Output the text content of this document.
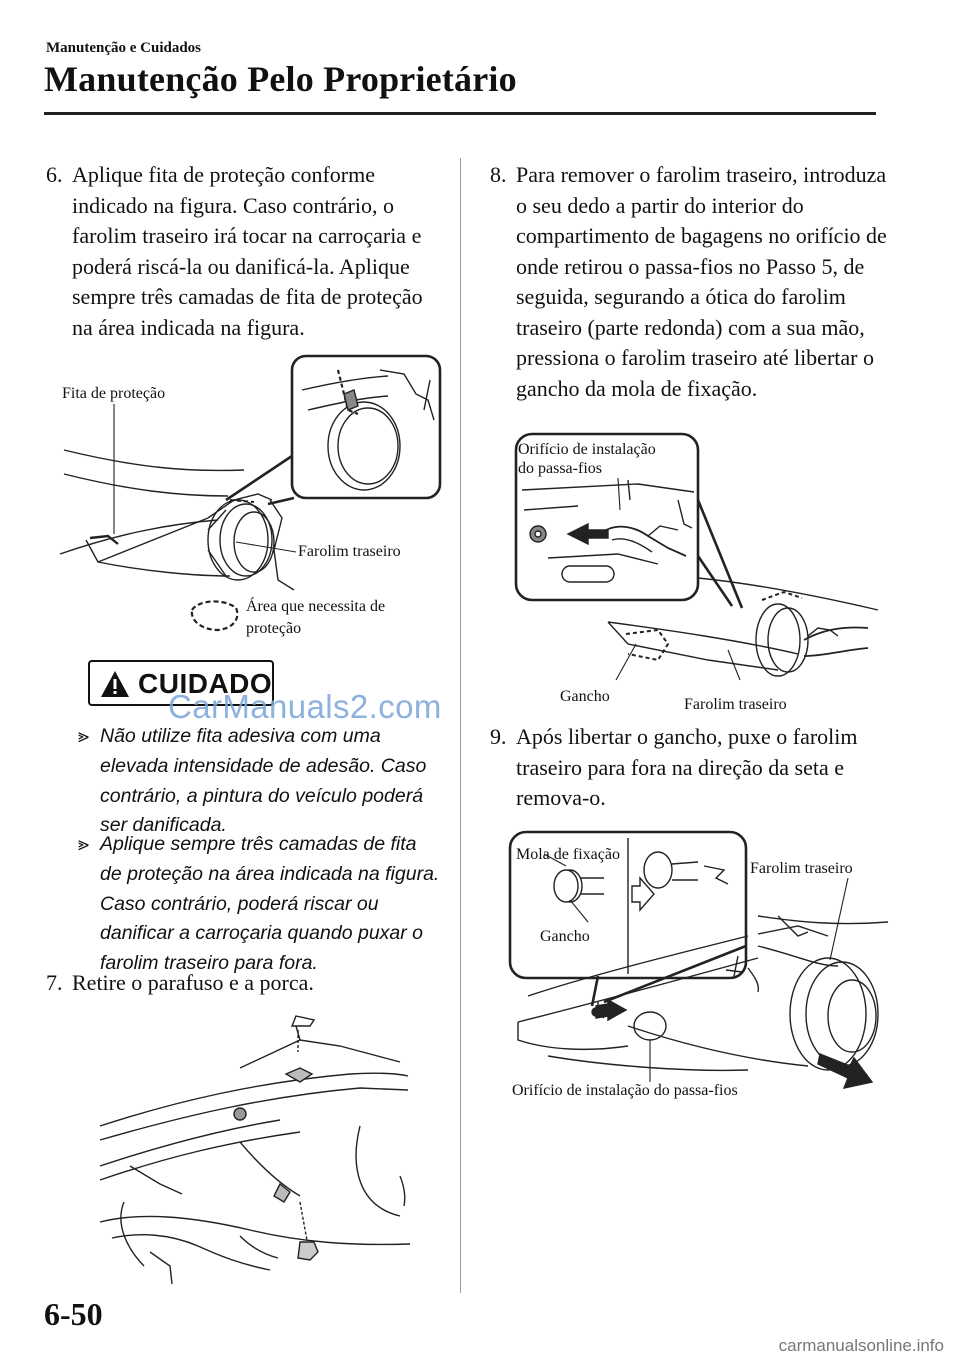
Manutenção e Cuidados
Manutenção Pelo Proprietário
6. Aplique fita de proteção conforme indicado na figura. Caso contrário, o farolim traseiro irá tocar na carroçaria e poderá riscá-la ou danificá-la. Aplique sempre três camadas de fita de proteção na área indicada na figura.
Fita de proteção
Farolim traseiro
Área que necessita de
proteção
CUIDADO
CarManuals2.com
⪢ Não utilize fita adesiva com uma elevada intensidade de adesão. Caso contrário, a pintura do veículo poderá ser danificada.
⪢ Aplique sempre três camadas de fita de proteção na área indicada na figura. Caso contrário, poderá riscar ou danificar a carroçaria quando puxar o farolim traseiro para fora.
7. Retire o parafuso e a porca.
8. Para remover o farolim traseiro, introduza o seu dedo a partir do interior do compartimento de bagagens no orifício de onde retirou o passa-fios no Passo 5, de seguida, segurando a ótica do farolim traseiro (parte redonda) com a sua mão, pressiona o farolim traseiro até libertar o gancho da mola de fixação.
Orifício de instalação
do passa-fios
Gancho	Farolim traseiro
9. Após libertar o gancho, puxe o farolim traseiro para fora na direção da seta e remova-o.
Mola de fixação
Farolim traseiro
Gancho
Orifício de instalação do passa-fios
6-50
carmanualsonline.info
